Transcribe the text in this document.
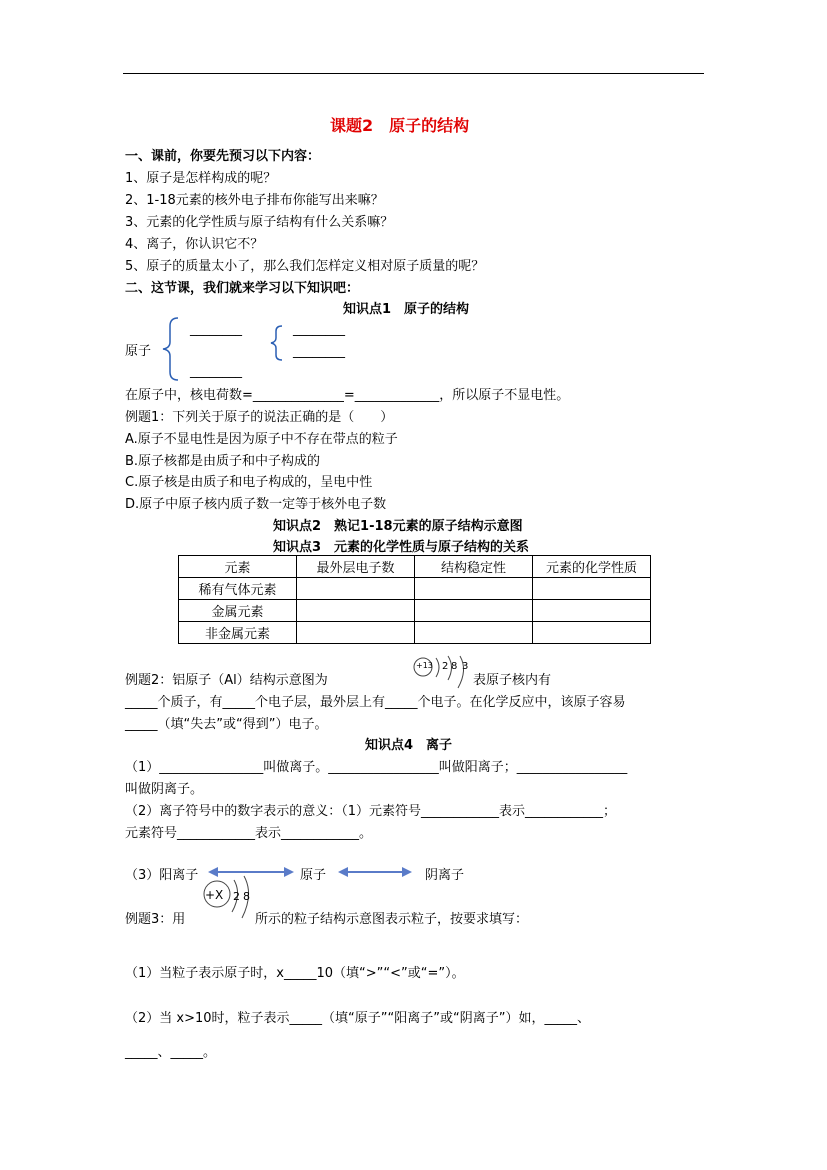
课题2　原子的结构
一、课前，你要先预习以下内容：
1、原子是怎样构成的呢？
2、1-18元素的核外电子排布你能写出来嘛？
3、元素的化学性质与原子结构有什么关系嘛？
4、离子，你认识它不？
5、原子的质量太小了，那么我们怎样定义相对原子质量的呢？
二、这节课，我们就来学习以下知识吧：
知识点1　原子的结构
原子
________
________
________
________
在原子中，核电荷数=______________=_____________，所以原子不显电性。
例题1：下列关于原子的说法正确的是（　　）
A.原子不显电性是因为原子中不存在带点的粒子
B.原子核都是由质子和中子构成的
C.原子核是由质子和电子构成的，呈电中性
D.原子中原子核内质子数一定等于核外电子数
知识点2　熟记1-18元素的原子结构示意图
知识点3　元素的化学性质与原子结构的关系
元素	最外层电子数	结构稳定性	元素的化学性质
稀有气体元素			
金属元素			
非金属元素			
例题2：铝原子（Al）结构示意图为
+13 2 8 3
表原子核内有
_____个质子，有_____个电子层，最外层上有_____个电子。在化学反应中，该原子容易
_____（填“失去”或“得到”）电子。
知识点4　离子
（1）________________叫做离子。_________________叫做阳离子；_________________
叫做阴离子。
（2）离子符号中的数字表示的意义：（1）元素符号____________表示____________；
元素符号____________表示____________。
（3）阳离子	原子	阴离子
+X 2 8
例题3：用	所示的粒子结构示意图表示粒子，按要求填写：
（1）当粒子表示原子时，x_____10（填“>”“<”或“=”）。
（2）当 x>10时，粒子表示_____（填“原子”“阳离子”或“阴离子”）如，_____、
_____、_____。
